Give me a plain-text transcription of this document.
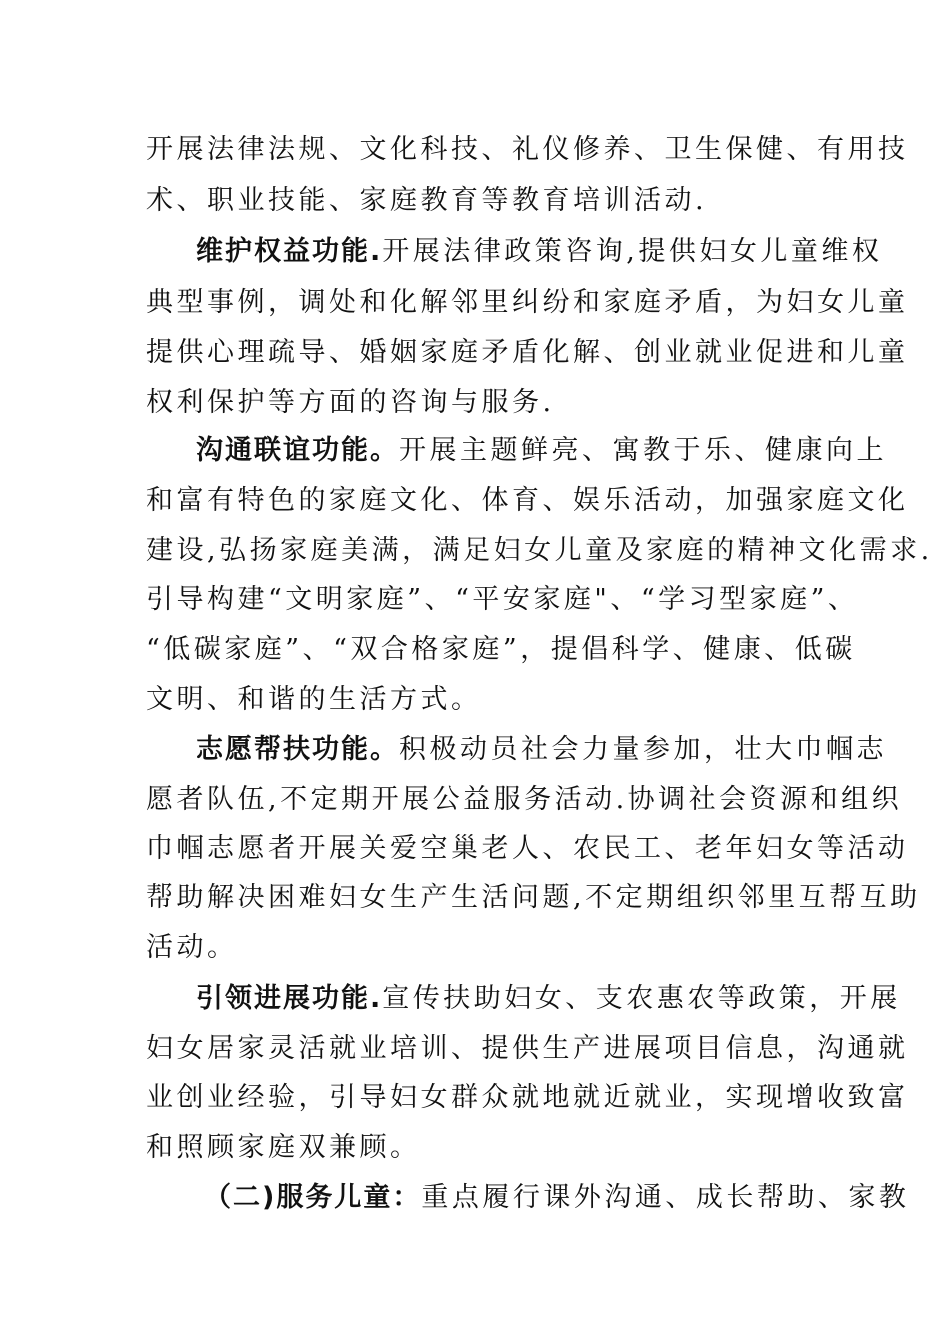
开展法律法规、文化科技、礼仪修养、卫生保健、有用技
术、职业技能、家庭教育等教育培训活动.
维护权益功能.开展法律政策咨询,提供妇女儿童维权
典型事例，调处和化解邻里纠纷和家庭矛盾，为妇女儿童
提供心理疏导、婚姻家庭矛盾化解、创业就业促进和儿童
权利保护等方面的咨询与服务.
沟通联谊功能。开展主题鲜亮、寓教于乐、健康向上
和富有特色的家庭文化、体育、娱乐活动，加强家庭文化
建设,弘扬家庭美满，满足妇女儿童及家庭的精神文化需求.
引导构建“文明家庭”、“平安家庭"、“学习型家庭”、
“低碳家庭”、“双合格家庭”，提倡科学、健康、低碳
文明、和谐的生活方式。
志愿帮扶功能。积极动员社会力量参加，壮大巾帼志
愿者队伍,不定期开展公益服务活动.协调社会资源和组织
巾帼志愿者开展关爱空巢老人、农民工、老年妇女等活动
帮助解决困难妇女生产生活问题,不定期组织邻里互帮互助
活动。
引领进展功能.宣传扶助妇女、支农惠农等政策，开展
妇女居家灵活就业培训、提供生产进展项目信息，沟通就
业创业经验，引导妇女群众就地就近就业，实现增收致富
和照顾家庭双兼顾。
（二)服务儿童：重点履行课外沟通、成长帮助、家教
